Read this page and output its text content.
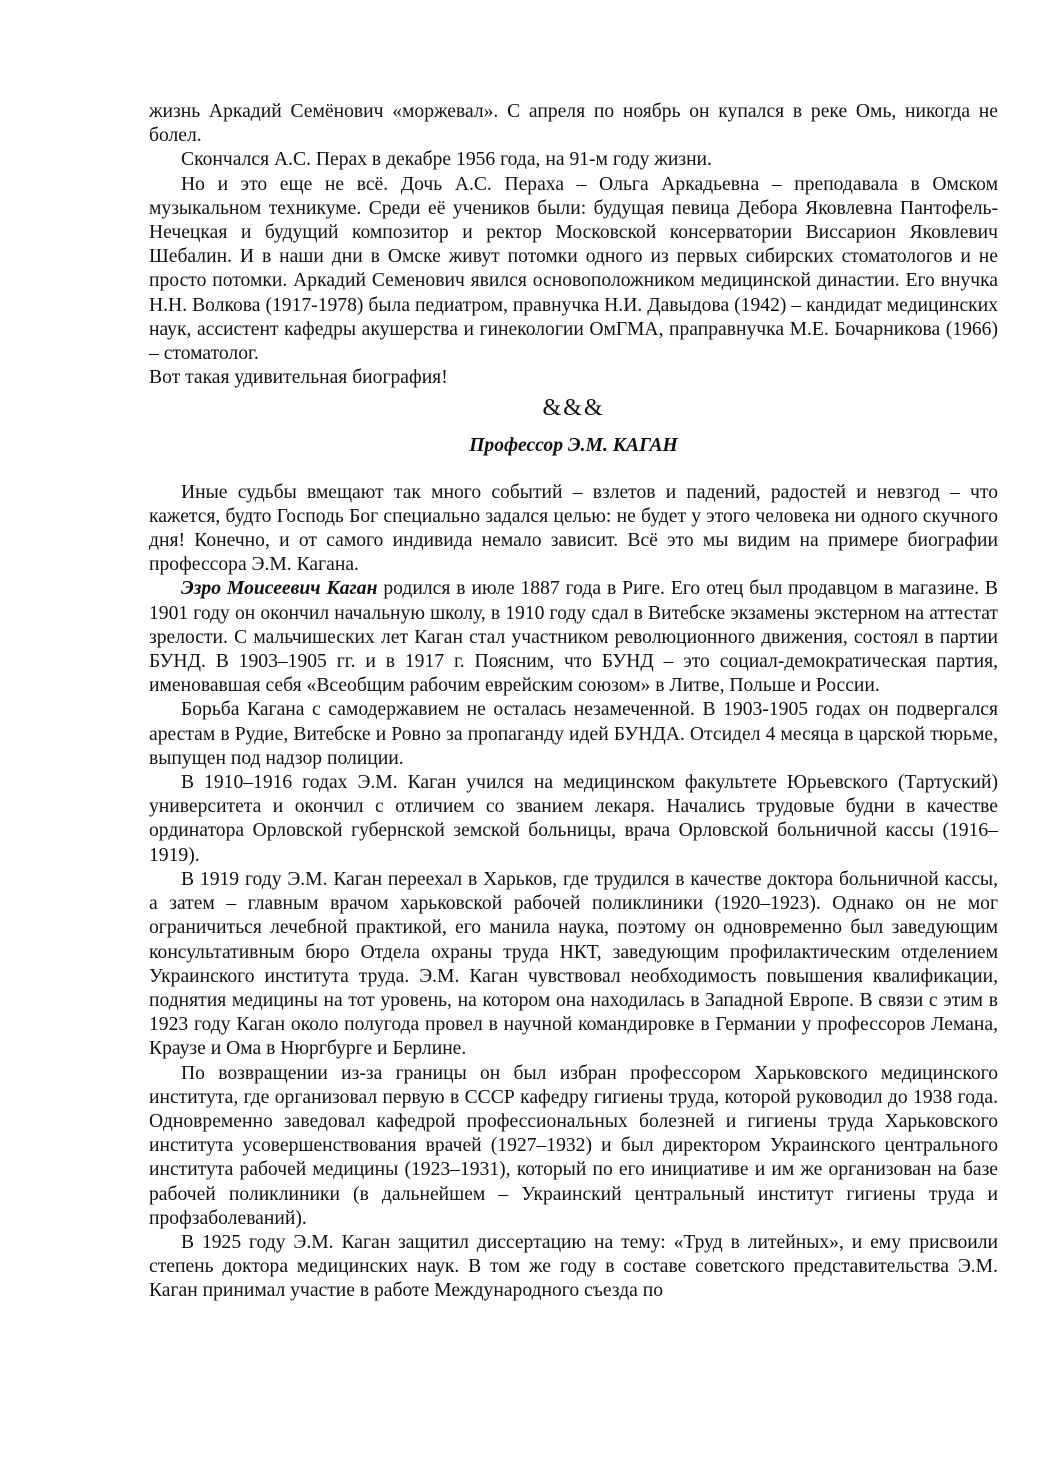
жизнь Аркадий Семёнович «моржевал». С апреля по ноябрь он купался в реке Омь, никогда не болел.

Скончался А.С. Перах в декабре 1956 года, на 91-м году жизни.

Но и это еще не всё. Дочь А.С. Пераха – Ольга Аркадьевна – преподавала в Омском музыкальном техникуме. Среди её учеников были: будущая певица Дебора Яковлевна Пантофель-Нечецкая и будущий композитор и ректор Московской консерватории Виссарион Яковлевич Шебалин. И в наши дни в Омске живут потомки одного из первых сибирских стоматологов и не просто потомки. Аркадий Семенович явился основоположником медицинской династии. Его внучка Н.Н. Волкова (1917-1978) была педиатром, правнучка Н.И. Давыдова (1942) – кандидат медицинских наук, ассистент кафедры акушерства и гинекологии ОмГМА, праправнучка М.Е. Бочарникова (1966) – стоматолог.

Вот такая удивительная биография!

&&&
Профессор Э.М. КАГАН

Иные судьбы вмещают так много событий – взлетов и падений, радостей и невзгод – что кажется, будто Господь Бог специально задался целью: не будет у этого человека ни одного скучного дня! Конечно, и от самого индивида немало зависит. Всё это мы видим на примере биографии профессора Э.М. Кагана.

Эзро Моисеевич Каган родился в июле 1887 года в Риге. Его отец был продавцом в магазине. В 1901 году он окончил начальную школу, в 1910 году сдал в Витебске экзамены экстерном на аттестат зрелости. С мальчишеских лет Каган стал участником революционного движения, состоял в партии БУНД. В 1903–1905 гг. и в 1917 г. Поясним, что БУНД – это социал-демократическая партия, именовавшая себя «Всеобщим рабочим еврейским союзом» в Литве, Польше и России.

Борьба Кагана с самодержавием не осталась незамеченной. В 1903-1905 годах он подвергался арестам в Рудие, Витебске и Ровно за пропаганду идей БУНДА. Отсидел 4 месяца в царской тюрьме, выпущен под надзор полиции.

В 1910–1916 годах Э.М. Каган учился на медицинском факультете Юрьевского (Тартуский) университета и окончил с отличием со званием лекаря. Начались трудовые будни в качестве ординатора Орловской губернской земской больницы, врача Орловской больничной кассы (1916–1919).

В 1919 году Э.М. Каган переехал в Харьков, где трудился в качестве доктора больничной кассы, а затем – главным врачом харьковской рабочей поликлиники (1920–1923). Однако он не мог ограничиться лечебной практикой, его манила наука, поэтому он одновременно был заведующим консультативным бюро Отдела охраны труда НКТ, заведующим профилактическим отделением Украинского института труда. Э.М. Каган чувствовал необходимость повышения квалификации, поднятия медицины на тот уровень, на котором она находилась в Западной Европе. В связи с этим в 1923 году Каган около полугода провел в научной командировке в Германии у профессоров Лемана, Краузе и Ома в Нюргбурге и Берлине.

По возвращении из-за границы он был избран профессором Харьковского медицинского института, где организовал первую в СССР кафедру гигиены труда, которой руководил до 1938 года. Одновременно заведовал кафедрой профессиональных болезней и гигиены труда Харьковского института усовершенствования врачей (1927–1932) и был директором Украинского центрального института рабочей медицины (1923–1931), который по его инициативе и им же организован на базе рабочей поликлиники (в дальнейшем – Украинский центральный институт гигиены труда и профзаболеваний).

В 1925 году Э.М. Каган защитил диссертацию на тему: «Труд в литейных», и ему присвоили степень доктора медицинских наук. В том же году в составе советского представительства Э.М. Каган принимал участие в работе Международного съезда по
